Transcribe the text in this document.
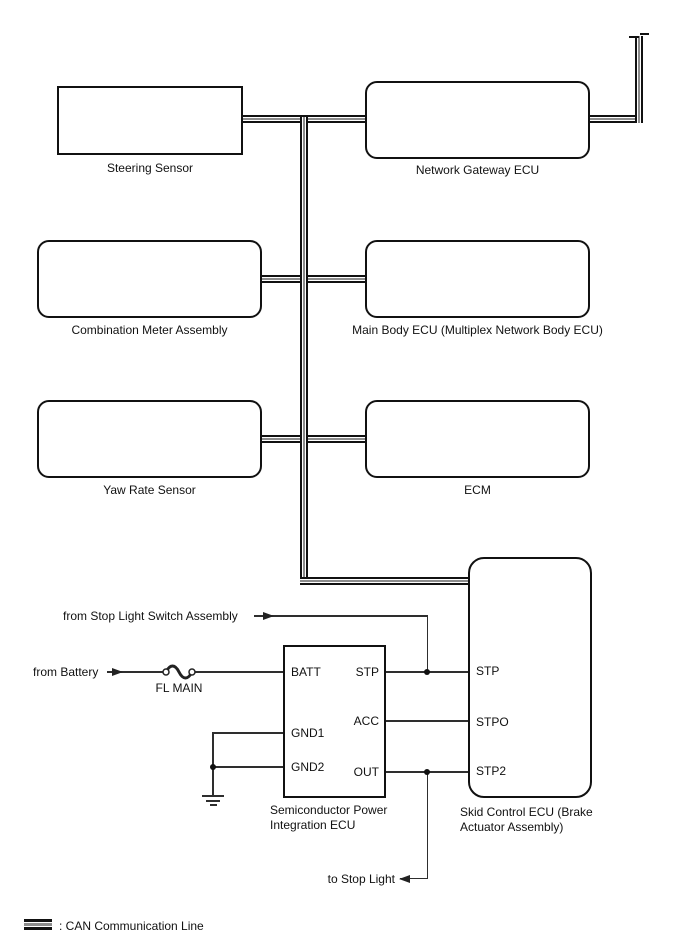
BATT
GND1
GND2
STP
ACC
OUT
STP
STPO
STP2
Steering Sensor	Network Gateway ECU
Combination Meter Assembly	Main Body ECU (Multiplex Network Body ECU)
Yaw Rate Sensor	ECM
Semiconductor Power
Integration ECU
Skid Control ECU (Brake
Actuator Assembly)
from Stop Light Switch Assembly
from Battery
FL MAIN
to Stop Light
: CAN Communication Line
